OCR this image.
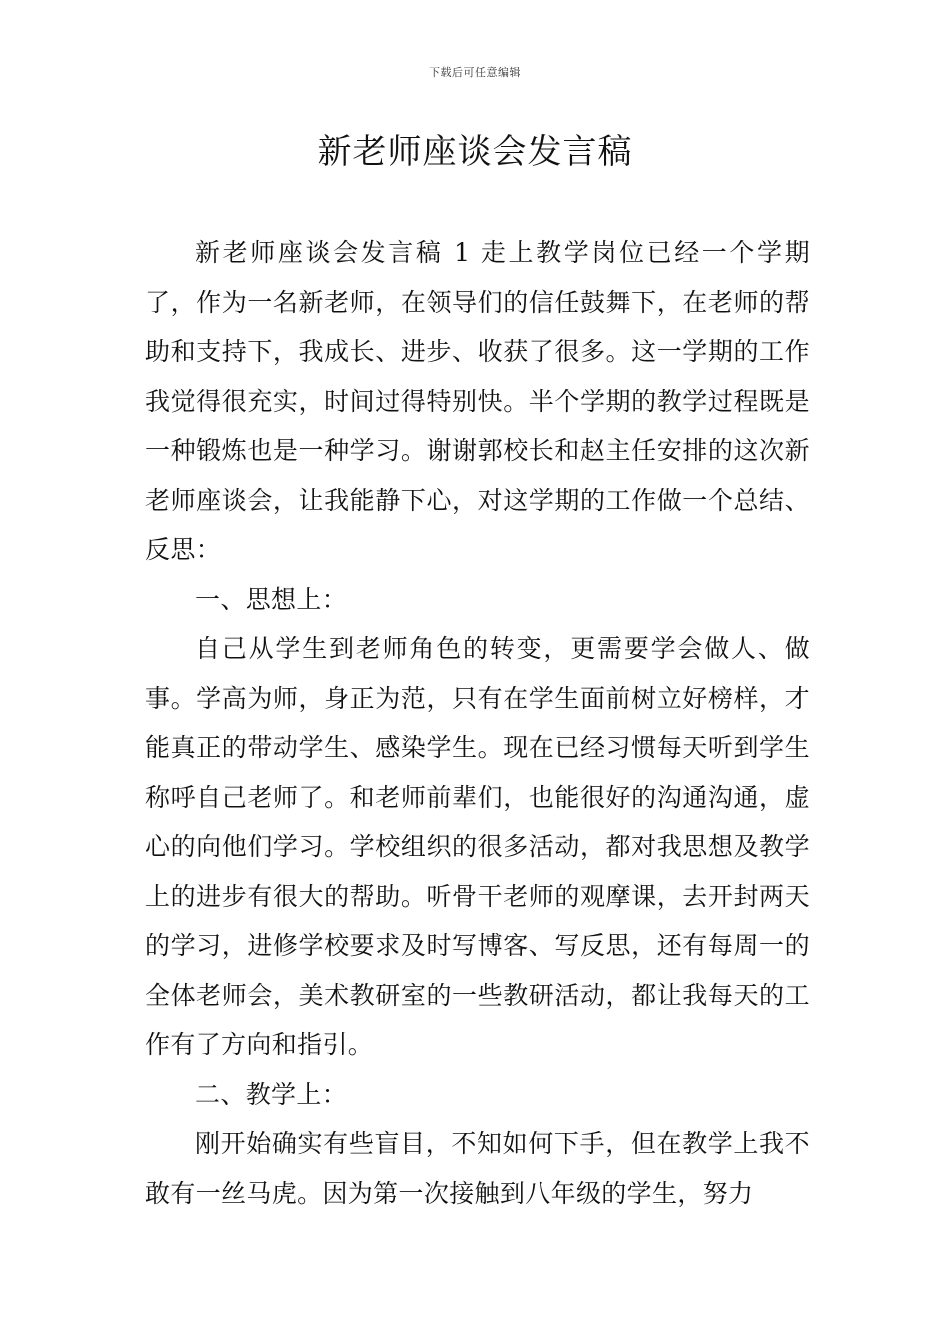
下载后可任意编辑
新老师座谈会发言稿

新老师座谈会发言稿 1 走上教学岗位已经一个学期了，作为一名新老师，在领导们的信任鼓舞下，在老师的帮助和支持下，我成长、进步、收获了很多。这一学期的工作我觉得很充实，时间过得特别快。半个学期的教学过程既是一种锻炼也是一种学习。谢谢郭校长和赵主任安排的这次新老师座谈会，让我能静下心，对这学期的工作做一个总结、反思：

一、思想上：

自己从学生到老师角色的转变，更需要学会做人、做事。学高为师，身正为范，只有在学生面前树立好榜样，才能真正的带动学生、感染学生。现在已经习惯每天听到学生称呼自己老师了。和老师前辈们，也能很好的沟通沟通，虚心的向他们学习。学校组织的很多活动，都对我思想及教学上的进步有很大的帮助。听骨干老师的观摩课，去开封两天的学习，进修学校要求及时写博客、写反思，还有每周一的全体老师会，美术教研室的一些教研活动，都让我每天的工作有了方向和指引。

二、教学上：

刚开始确实有些盲目，不知如何下手，但在教学上我不敢有一丝马虎。因为第一次接触到八年级的学生，努力
